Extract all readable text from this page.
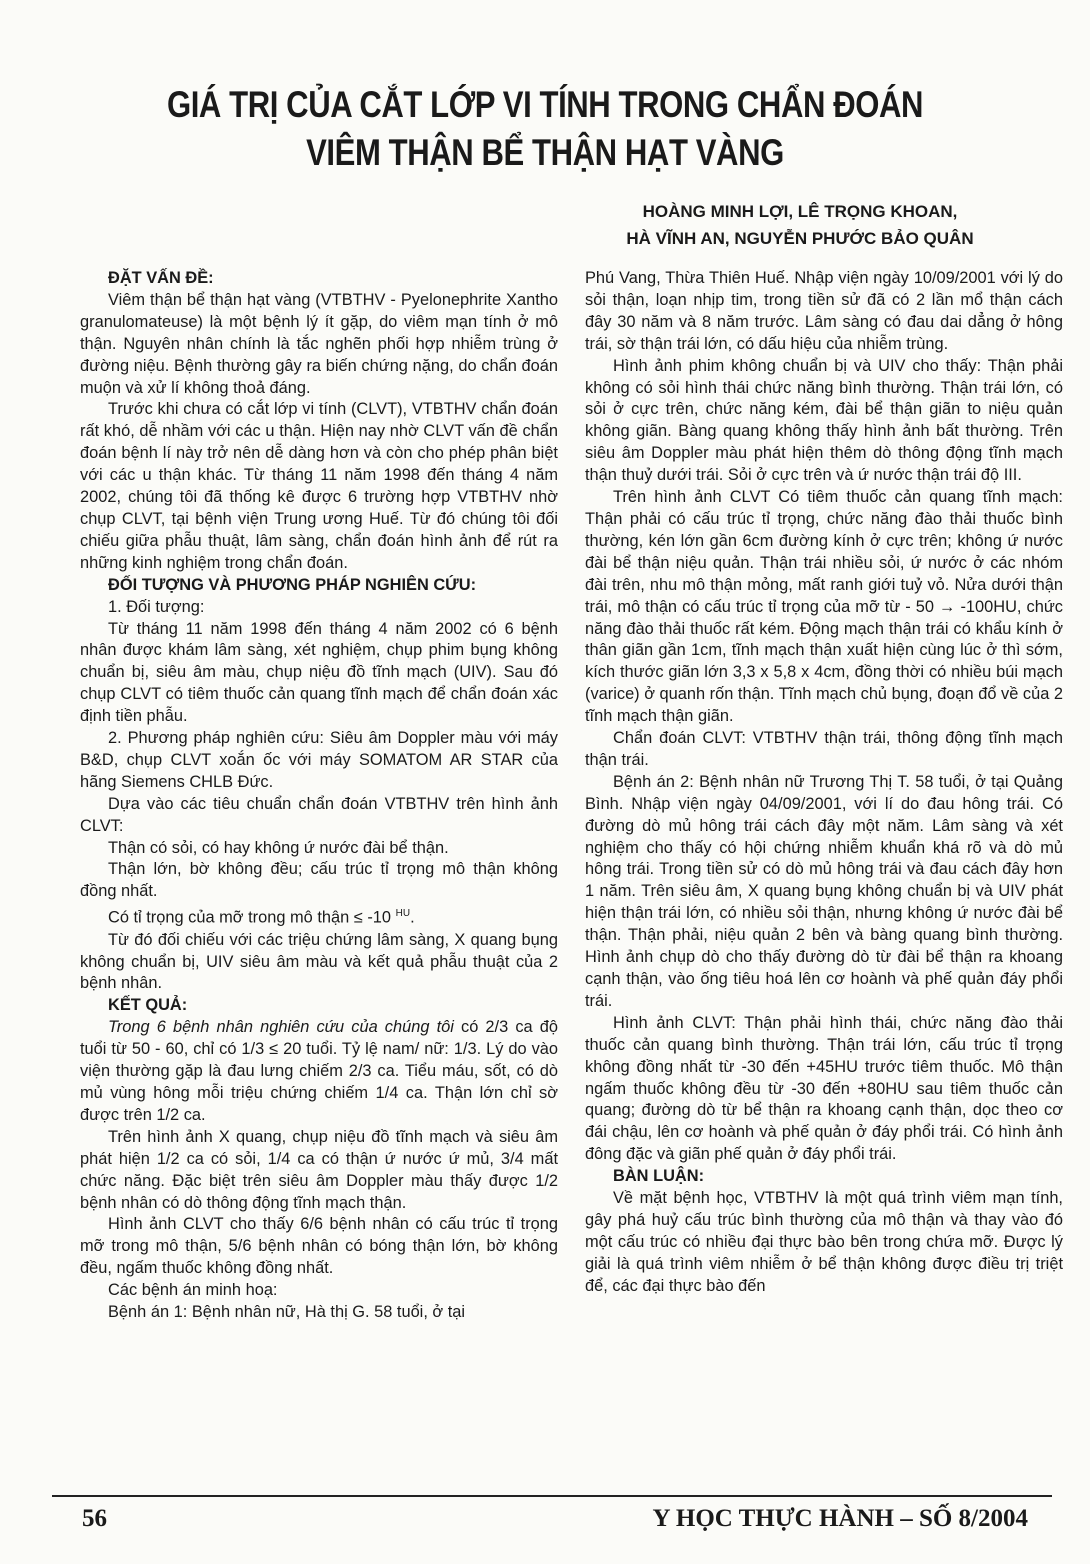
GIÁ TRỊ CỦA CẮT LỚP VI TÍNH TRONG CHẨN ĐOÁN
VIÊM THẬN BỂ THẬN HẠT VÀNG
HOÀNG MINH LỢI, LÊ TRỌNG KHOAN,
HÀ VĨNH AN, NGUYỄN PHƯỚC BẢO QUÂN

ĐẶT VẤN ĐỀ:

Viêm thận bể thận hạt vàng (VTBTHV - Pyelonephrite Xantho granulomateuse) là một bệnh lý ít gặp, do viêm mạn tính ở mô thận. Nguyên nhân chính là tắc nghẽn phối hợp nhiễm trùng ở đường niệu. Bệnh thường gây ra biến chứng nặng, do chẩn đoán muộn và xử lí không thoả đáng.

Trước khi chưa có cắt lớp vi tính (CLVT), VTBTHV chẩn đoán rất khó, dễ nhầm với các u thận. Hiện nay nhờ CLVT vấn đề chẩn đoán bệnh lí này trở nên dễ dàng hơn và còn cho phép phân biệt với các u thận khác. Từ tháng 11 năm 1998 đến tháng 4 năm 2002, chúng tôi đã thống kê được 6 trường hợp VTBTHV nhờ chụp CLVT, tại bệnh viện Trung ương Huế. Từ đó chúng tôi đối chiếu giữa phẫu thuật, lâm sàng, chẩn đoán hình ảnh để rút ra những kinh nghiệm trong chẩn đoán.

ĐỐI TƯỢNG VÀ PHƯƠNG PHÁP NGHIÊN CỨU:

1. Đối tượng:

Từ tháng 11 năm 1998 đến tháng 4 năm 2002 có 6 bệnh nhân được khám lâm sàng, xét nghiệm, chụp phim bụng không chuẩn bị, siêu âm màu, chụp niệu đồ tĩnh mạch (UIV). Sau đó chụp CLVT có tiêm thuốc cản quang tĩnh mạch để chẩn đoán xác định tiền phẫu.

2. Phương pháp nghiên cứu: Siêu âm Doppler màu với máy B&D, chụp CLVT xoắn ốc với máy SOMATOM AR STAR của hãng Siemens CHLB Đức.

Dựa vào các tiêu chuẩn chẩn đoán VTBTHV trên hình ảnh CLVT:

Thận có sỏi, có hay không ứ nước đài bể thận.

Thận lớn, bờ không đều; cấu trúc tỉ trọng mô thận không đồng nhất.

Có tỉ trọng của mỡ trong mô thận ≤ -10 $^{HU}$.

Từ đó đối chiếu với các triệu chứng lâm sàng, X quang bụng không chuẩn bị, UIV siêu âm màu và kết quả phẫu thuật của 2 bệnh nhân.

KẾT QUẢ:

Trong 6 bệnh nhân nghiên cứu của chúng tôi có 2/3 ca độ tuổi từ 50 - 60, chỉ có 1/3 ≤ 20 tuổi. Tỷ lệ nam/ nữ: 1/3. Lý do vào viện thường gặp là đau lưng chiếm 2/3 ca. Tiểu máu, sốt, có dò mủ vùng hông mỗi triệu chứng chiếm 1/4 ca. Thận lớn chỉ sờ được trên 1/2 ca.

Trên hình ảnh X quang, chụp niệu đồ tĩnh mạch và siêu âm phát hiện 1/2 ca có sỏi, 1/4 ca có thận ứ nước ứ mủ, 3/4 mất chức năng. Đặc biệt trên siêu âm Doppler màu thấy được 1/2 bệnh nhân có dò thông động tĩnh mạch thận.

Hình ảnh CLVT cho thấy 6/6 bệnh nhân có cấu trúc tỉ trọng mỡ trong mô thận, 5/6 bệnh nhân có bóng thận lớn, bờ không đều, ngấm thuốc không đồng nhất.

Các bệnh án minh hoạ:

Bệnh án 1: Bệnh nhân nữ, Hà thị G. 58 tuổi, ở tại

Phú Vang, Thừa Thiên Huế. Nhập viện ngày 10/09/2001 với lý do sỏi thận, loạn nhịp tim, trong tiền sử đã có 2 lần mổ thận cách đây 30 năm và 8 năm trước. Lâm sàng có đau dai dẳng ở hông trái, sờ thận trái lớn, có dấu hiệu của nhiễm trùng.

Hình ảnh phim không chuẩn bị và UIV cho thấy: Thận phải không có sỏi hình thái chức năng bình thường. Thận trái lớn, có sỏi ở cực trên, chức năng kém, đài bể thận giãn to niệu quản không giãn. Bàng quang không thấy hình ảnh bất thường. Trên siêu âm Doppler màu phát hiện thêm dò thông động tĩnh mạch thận thuỷ dưới trái. Sỏi ở cực trên và ứ nước thận trái độ III.

Trên hình ảnh CLVT Có tiêm thuốc cản quang tĩnh mạch: Thận phải có cấu trúc tỉ trọng, chức năng đào thải thuốc bình thường, kén lớn gần 6cm đường kính ở cực trên; không ứ nước đài bể thận niệu quản. Thận trái nhiều sỏi, ứ nước ở các nhóm đài trên, nhu mô thận mỏng, mất ranh giới tuỷ vỏ. Nửa dưới thận trái, mô thận có cấu trúc tỉ trọng của mỡ từ - 50 → -100HU, chức năng đào thải thuốc rất kém. Động mạch thận trái có khẩu kính ở thân giãn gần 1cm, tĩnh mạch thận xuất hiện cùng lúc ở thì sớm, kích thước giãn lớn 3,3 x 5,8 x 4cm, đồng thời có nhiều búi mạch (varice) ở quanh rốn thận. Tĩnh mạch chủ bụng, đoạn đổ về của 2 tĩnh mạch thận giãn.

Chẩn đoán CLVT: VTBTHV thận trái, thông động tĩnh mạch thận trái.

Bệnh án 2: Bệnh nhân nữ Trương Thị T. 58 tuổi, ở tại Quảng Bình. Nhập viện ngày 04/09/2001, với lí do đau hông trái. Có đường dò mủ hông trái cách đây một năm. Lâm sàng và xét nghiệm cho thấy có hội chứng nhiễm khuẩn khá rõ và dò mủ hông trái. Trong tiền sử có dò mủ hông trái và đau cách đây hơn 1 năm. Trên siêu âm, X quang bụng không chuẩn bị và UIV phát hiện thận trái lớn, có nhiều sỏi thận, nhưng không ứ nước đài bể thận. Thận phải, niệu quản 2 bên và bàng quang bình thường. Hình ảnh chụp dò cho thấy đường dò từ đài bể thận ra khoang cạnh thận, vào ống tiêu hoá lên cơ hoành và phế quản đáy phổi trái.

Hình ảnh CLVT: Thận phải hình thái, chức năng đào thải thuốc cản quang bình thường. Thận trái lớn, cấu trúc tỉ trọng không đồng nhất từ -30 đến +45HU trước tiêm thuốc. Mô thận ngấm thuốc không đều từ -30 đến +80HU sau tiêm thuốc cản quang; đường dò từ bể thận ra khoang cạnh thận, dọc theo cơ đái chậu, lên cơ hoành và phế quản ở đáy phổi trái. Có hình ảnh đông đặc và giãn phế quản ở đáy phổi trái.

BÀN LUẬN:

Về mặt bệnh học, VTBTHV là một quá trình viêm mạn tính, gây phá huỷ cấu trúc bình thường của mô thận và thay vào đó một cấu trúc có nhiều đại thực bào bên trong chứa mỡ. Được lý giải là quá trình viêm nhiễm ở bể thận không được điều trị triệt để, các đại thực bào đến

56	Y HỌC THỰC HÀNH – SỐ 8/2004
